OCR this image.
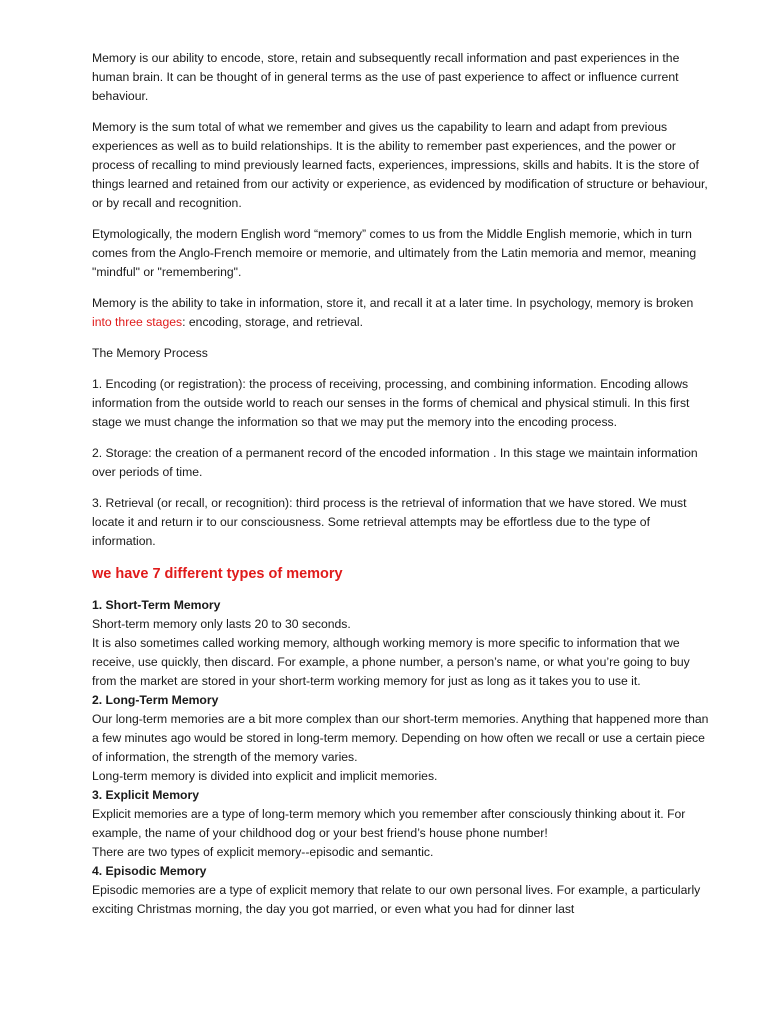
Memory is our ability to encode, store, retain and subsequently recall information and past experiences in the human brain. It can be thought of in general terms as the use of past experience to affect or influence current behaviour.

Memory is the sum total of what we remember and gives us the capability to learn and adapt from previous experiences as well as to build relationships. It is the ability to remember past experiences, and the power or process of recalling to mind previously learned facts, experiences, impressions, skills and habits. It is the store of things learned and retained from our activity or experience, as evidenced by modification of structure or behaviour, or by recall and recognition.

Etymologically, the modern English word “memory” comes to us from the Middle English memorie, which in turn comes from the Anglo-French memoire or memorie, and ultimately from the Latin memoria and memor, meaning "mindful" or "remembering".

Memory is the ability to take in information, store it, and recall it at a later time. In psychology, memory is broken into three stages: encoding, storage, and retrieval.

The Memory Process

1. Encoding (or registration): the process of receiving, processing, and combining information. Encoding allows information from the outside world to reach our senses in the forms of chemical and physical stimuli. In this first stage we must change the information so that we may put the memory into the encoding process.

2. Storage: the creation of a permanent record of the encoded information . In this stage we maintain information over periods of time.

3. Retrieval (or recall, or recognition): third process is the retrieval of information that we have stored. We must locate it and return ir to our consciousness. Some retrieval attempts may be effortless due to the type of information.

we have 7 different types of memory

1. Short-Term Memory

Short-term memory only lasts 20 to 30 seconds.

It is also sometimes called working memory, although working memory is more specific to information that we receive, use quickly, then discard. For example, a phone number, a person’s name, or what you’re going to buy from the market are stored in your short-term working memory for just as long as it takes you to use it.

2. Long-Term Memory

Our long-term memories are a bit more complex than our short-term memories. Anything that happened more than a few minutes ago would be stored in long-term memory. Depending on how often we recall or use a certain piece of information, the strength of the memory varies.

Long-term memory is divided into explicit and implicit memories.

3. Explicit Memory

Explicit memories are a type of long-term memory which you remember after consciously thinking about it. For example, the name of your childhood dog or your best friend’s house phone number!

There are two types of explicit memory--episodic and semantic.

4. Episodic Memory

Episodic memories are a type of explicit memory that relate to our own personal lives. For example, a particularly exciting Christmas morning, the day you got married, or even what you had for dinner last
